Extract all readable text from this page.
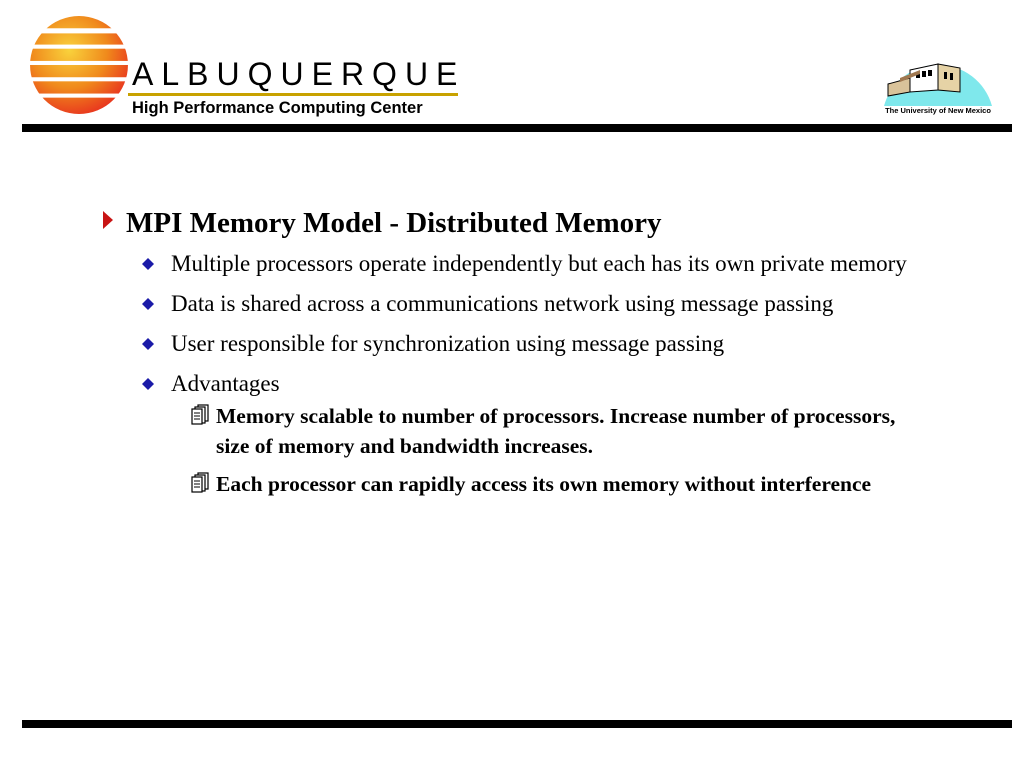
ALBUQUERQUE
High Performance Computing Center	The University of New Mexico
MPI Memory Model - Distributed Memory
Multiple processors operate independently but each has its own private memory
Data is shared across a communications network using message passing
User responsible for synchronization using message passing
Advantages
Memory scalable to number of processors. Increase number of processors, size of memory and bandwidth increases.
Each processor can rapidly access its own memory without interference
